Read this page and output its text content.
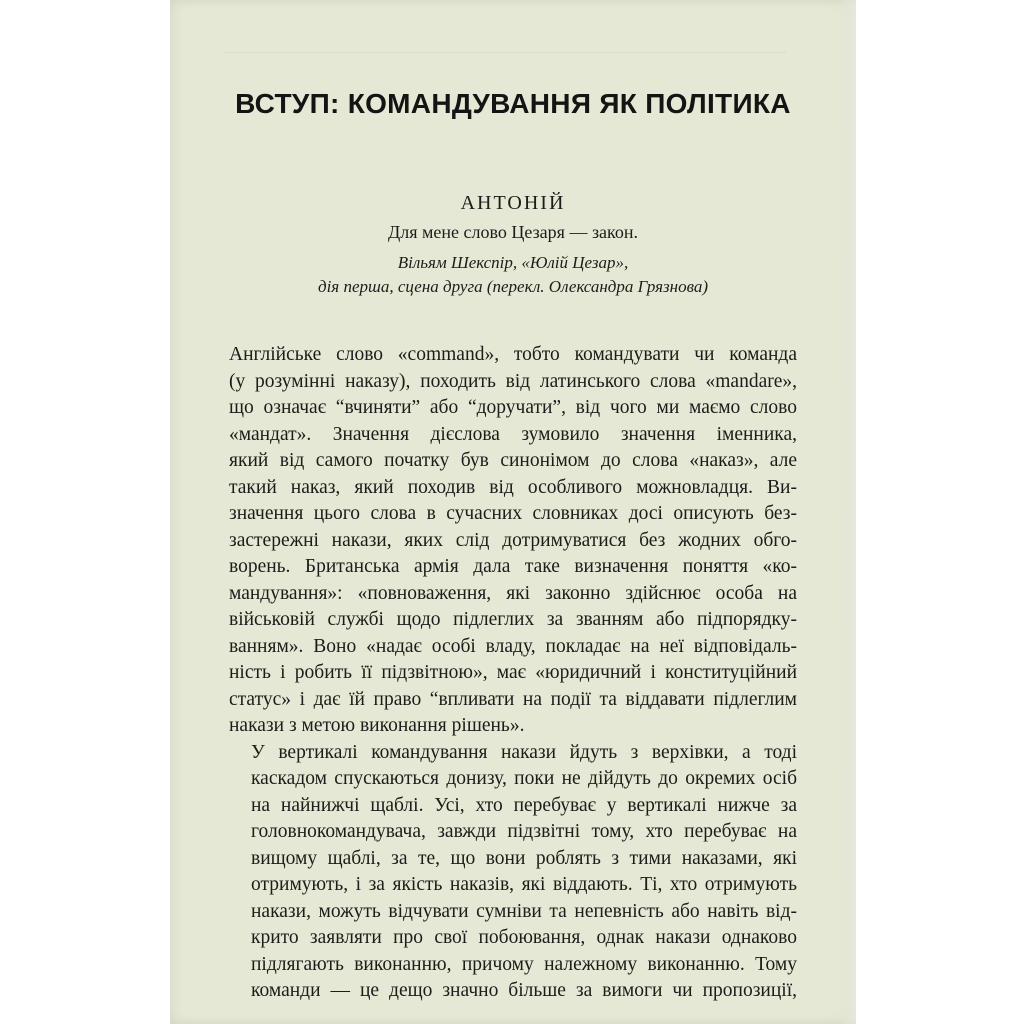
ВСТУП: КОМАНДУВАННЯ ЯК ПОЛІТИКА
АНТОНІЙ
Для мене слово Цезаря — закон.
Вільям Шекспір, «Юлій Цезар»,
дія перша, сцена друга (перекл. Олександра Грязнова)

Англійське слово «command», тобто командувати чи команда
(у розумінні наказу), походить від латинського слова «mandare»,
що означає “вчиняти” або “доручати”, від чого ми маємо слово
«мандат». Значення дієслова зумовило значення іменника,
який від самого початку був синонімом до слова «наказ», але
такий наказ, який походив від особливого можновладця. Ви-
значення цього слова в сучасних словниках досі описують без-
застережні накази, яких слід дотримуватися без жодних обго-
ворень. Британська армія дала таке визначення поняття «ко-
мандування»: «повноваження, які законно здійснює особа на
військовій службі щодо підлеглих за званням або підпорядку-
ванням». Воно «надає особі владу, покладає на неї відповідаль-
ність і робить її підзвітною», має «юридичний і конституційний
статус» і дає їй право “впливати на події та віддавати підлеглим
накази з метою виконання рішень».

У вертикалі командування накази йдуть з верхівки, а тоді
каскадом спускаються донизу, поки не дійдуть до окремих осіб
на найнижчі щаблі. Усі, хто перебуває у вертикалі нижче за
головнокомандувача, завжди підзвітні тому, хто перебуває на
вищому щаблі, за те, що вони роблять з тими наказами, які
отримують, і за якість наказів, які віддають. Ті, хто отримують
накази, можуть відчувати сумніви та непевність або навіть від-
крито заявляти про свої побоювання, однак накази однаково
підлягають виконанню, причому належному виконанню. Тому
команди — це дещо значно більше за вимоги чи пропозиції,
